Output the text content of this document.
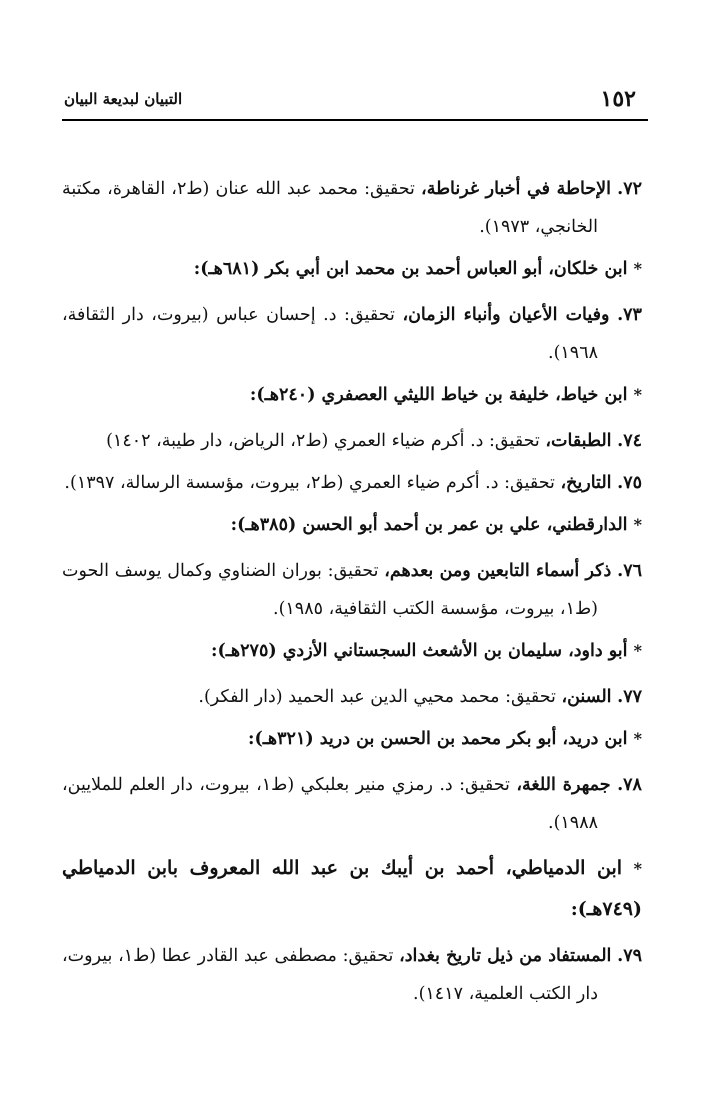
١٥٢
التبيان لبديعة البيان

٧٢. الإحاطة في أخبار غرناطة، تحقيق: محمد عبد الله عنان (ط٢، القاهرة، مكتبة الخانجي، ١٩٧٣).

* ابن خلكان، أبو العباس أحمد بن محمد ابن أبي بكر (٦٨١هـ):

٧٣. وفيات الأعيان وأنباء الزمان، تحقيق: د. إحسان عباس (بيروت، دار الثقافة، ١٩٦٨).

* ابن خياط، خليفة بن خياط الليثي العصفري (٢٤٠هـ):

٧٤. الطبقات، تحقيق: د. أكرم ضياء العمري (ط٢، الرياض، دار طيبة، ١٤٠٢)

٧٥. التاريخ، تحقيق: د. أكرم ضياء العمري (ط٢، بيروت، مؤسسة الرسالة، ١٣٩٧).

* الدارقطني، علي بن عمر بن أحمد أبو الحسن (٣٨٥هـ):

٧٦. ذكر أسماء التابعين ومن بعدهم، تحقيق: بوران الضناوي وكمال يوسف الحوت (ط١، بيروت، مؤسسة الكتب الثقافية، ١٩٨٥).

* أبو داود، سليمان بن الأشعث السجستاني الأزدي (٢٧٥هـ):

٧٧. السنن، تحقيق: محمد محيي الدين عبد الحميد (دار الفكر).

* ابن دريد، أبو بكر محمد بن الحسن بن دريد (٣٢١هـ):

٧٨. جمهرة اللغة، تحقيق: د. رمزي منير بعلبكي (ط١، بيروت، دار العلم للملايين، ١٩٨٨).

* ابن الدمياطي، أحمد بن أيبك بن عبد الله المعروف بابن الدمياطي (٧٤٩هـ):

٧٩. المستفاد من ذيل تاريخ بغداد، تحقيق: مصطفى عبد القادر عطا (ط١، بيروت، دار الكتب العلمية، ١٤١٧).
